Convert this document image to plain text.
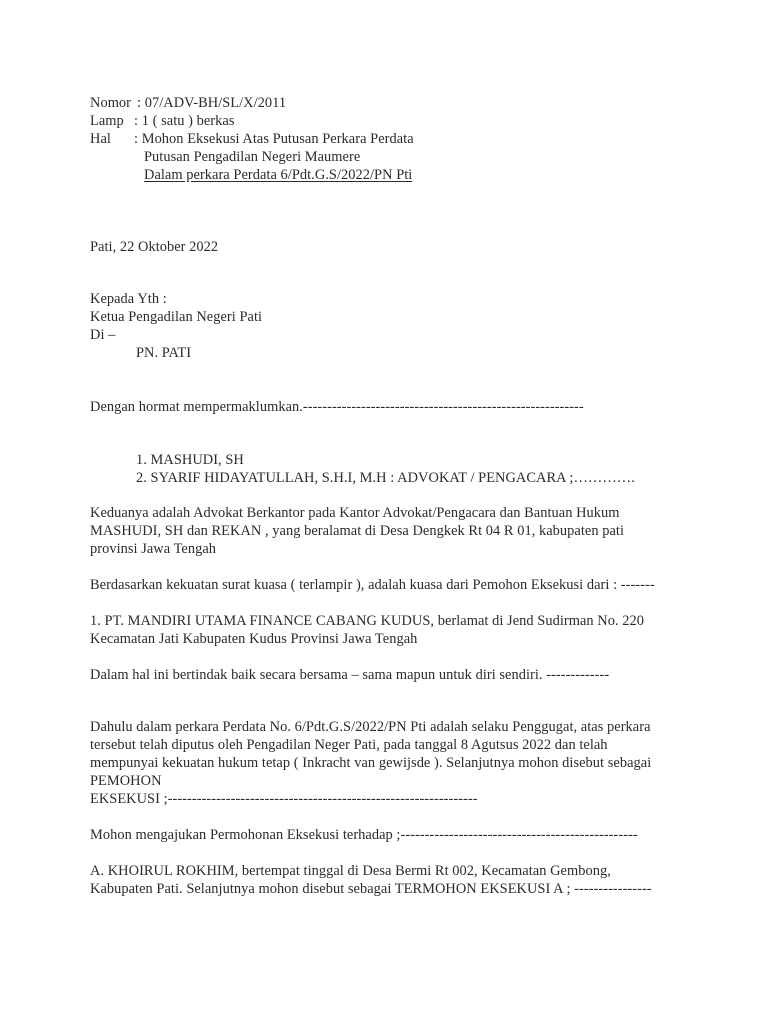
Nomor : 07/ADV-BH/SL/X/2011
Lamp : 1 ( satu ) berkas
Hal : Mohon Eksekusi Atas Putusan Perkara Perdata
Putusan Pengadilan Negeri Maumere
Dalam perkara Perdata 6/Pdt.G.S/2022/PN Pti
Pati, 22 Oktober 2022
Kepada Yth :
Ketua Pengadilan Negeri Pati
Di –
PN. PATI
Dengan hormat mempermaklumkan.----------------------------------------------------------
1. MASHUDI, SH
2. SYARIF HIDAYATULLAH, S.H.I, M.H : ADVOKAT / PENGACARA ;………….
Keduanya adalah Advokat Berkantor pada Kantor Advokat/Pengacara dan Bantuan Hukum
MASHUDI, SH dan REKAN , yang beralamat di Desa Dengkek Rt 04 R 01, kabupaten pati
provinsi Jawa Tengah
Berdasarkan kekuatan surat kuasa ( terlampir ), adalah kuasa dari Pemohon Eksekusi dari : -------
1. PT. MANDIRI UTAMA FINANCE CABANG KUDUS, berlamat di Jend Sudirman No. 220
Kecamatan Jati Kabupaten Kudus Provinsi Jawa Tengah
Dalam hal ini bertindak baik secara bersama – sama mapun untuk diri sendiri. -------------
Dahulu dalam perkara Perdata No. 6/Pdt.G.S/2022/PN Pti adalah selaku Penggugat, atas perkara
tersebut telah diputus oleh Pengadilan Neger Pati, pada tanggal 8 Agutsus 2022 dan telah
mempunyai kekuatan hukum tetap ( Inkracht van gewijsde ). Selanjutnya mohon disebut sebagai
PEMOHON
EKSEKUSI ;----------------------------------------------------------------
Mohon mengajukan Permohonan Eksekusi terhadap ;-------------------------------------------------
A. KHOIRUL ROKHIM, bertempat tinggal di Desa Bermi Rt 002, Kecamatan Gembong,
Kabupaten Pati. Selanjutnya mohon disebut sebagai TERMOHON EKSEKUSI A ; ----------------
